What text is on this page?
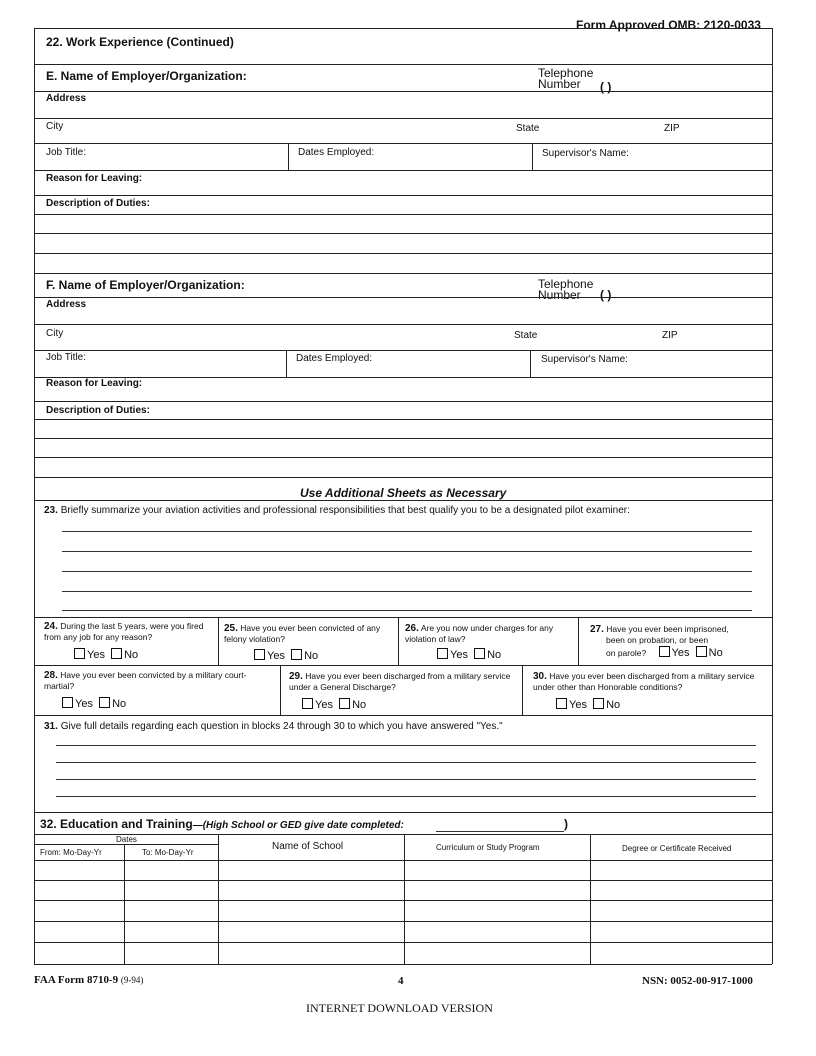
Form Approved OMB: 2120-0033
22. Work Experience (Continued)
E. Name of Employer/Organization:	Telephone
Number ( )
Address
City	State	ZIP
Job Title:	Dates Employed:	Supervisor's Name:
Reason for Leaving:
Description of Duties:
F. Name of Employer/Organization:	Telephone
Number ( )
Address
City	State	ZIP
Job Title:	Dates Employed:	Supervisor's Name:
Reason for Leaving:
Description of Duties:
Use Additional Sheets as Necessary
23. Briefly summarize your aviation activities and professional responsibilities that best qualify you to be a designated pilot examiner:
24. During the last 5 years, were you fired from any job for any reason?
Yes No
25. Have you ever been convicted of any felony violation?
Yes No
26. Are you now under charges for any violation of law?
Yes No
27. Have you ever been imprisoned,
been on probation, or been
on parole? Yes No
28. Have you ever been convicted by a military court-martial?
Yes No
29. Have you ever been discharged from a military service under a General Discharge?
Yes No
30. Have you ever been discharged from a military service under other than Honorable conditions?
Yes No
31. Give full details regarding each question in blocks 24 through 30 to which you have answered "Yes."
32. Education and Training—(High School or GED give date completed:	)
Dates
From: Mo-Day-Yr	To: Mo-Day-Yr
Name of School	Curriculum or Study Program	Degree or Certificate Received
FAA Form 8710-9 (9-94)	4	NSN: 0052-00-917-1000
INTERNET DOWNLOAD VERSION
